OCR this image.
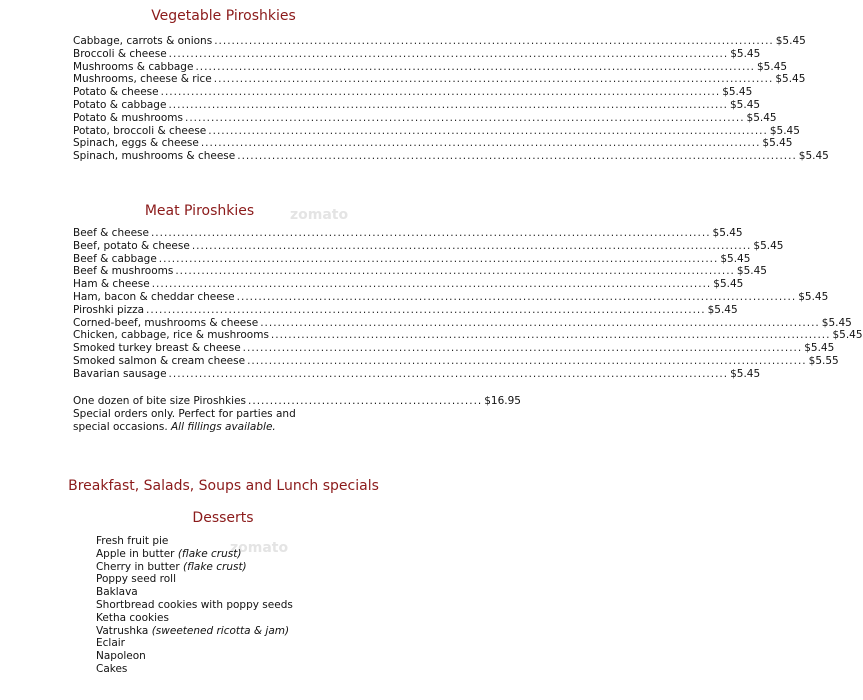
Vegetable Piroshkies
Cabbage, carrots & onions .....	$5.45
Broccoli & cheese .....	$5.45
Mushrooms & cabbage .....	$5.45
Mushrooms, cheese & rice .....	$5.45
Potato & cheese .....	$5.45
Potato & cabbage .....	$5.45
Potato & mushrooms .....	$5.45
Potato, broccoli & cheese .....	$5.45
Spinach, eggs & cheese .....	$5.45
Spinach, mushrooms & cheese .....	$5.45
zomato
Meat Piroshkies
Beef & cheese .....	$5.45
Beef, potato & cheese .....	$5.45
Beef & cabbage .....	$5.45
Beef & mushrooms .....	$5.45
Ham & cheese .....	$5.45
Ham, bacon & cheddar cheese .....	$5.45
Piroshki pizza .....	$5.45
Corned-beef, mushrooms & cheese .....	$5.45
Chicken, cabbage, rice & mushrooms .....	$5.45
Smoked turkey breast & cheese .....	$5.45
Smoked salmon & cream cheese .....	$5.55
Bavarian sausage .....	$5.45
One dozen of bite size Piroshkies ...................................................... $16.95
Special orders only. Perfect for parties and
special occasions. All fillings available.
Breakfast, Salads, Soups and Lunch specials
Desserts
zomato
Fresh fruit pie
Apple in butter (flake crust)
Cherry in butter (flake crust)
Poppy seed roll
Baklava
Shortbread cookies with poppy seeds
Ketha cookies
Vatrushka (sweetened ricotta & jam)
Eclair
Napoleon
Cakes
